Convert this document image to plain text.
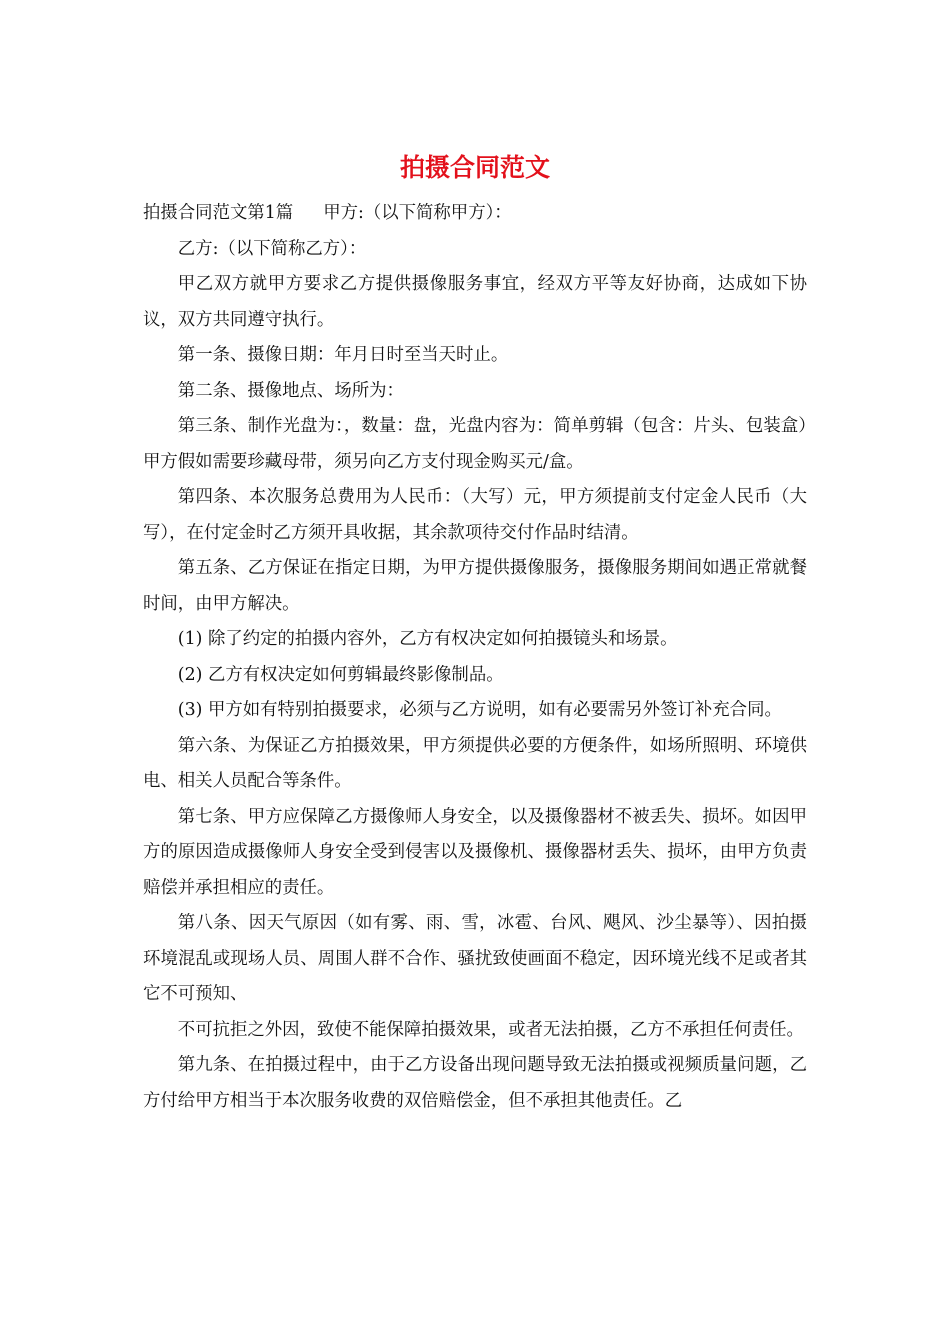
拍摄合同范文

拍摄合同范文第1篇 甲方:（以下简称甲方）：

乙方:（以下简称乙方）：

甲乙双方就甲方要求乙方提供摄像服务事宜，经双方平等友好协商，达成如下协议，双方共同遵守执行。

第一条、摄像日期：年月日时至当天时止。

第二条、摄像地点、场所为：

第三条、制作光盘为：，数量：盘，光盘内容为：简单剪辑（包含：片头、包装盒）甲方假如需要珍藏母带，须另向乙方支付现金购买元/盒。

第四条、本次服务总费用为人民币：（大写）元，甲方须提前支付定金人民币（大写），在付定金时乙方须开具收据，其余款项待交付作品时结清。

第五条、乙方保证在指定日期，为甲方提供摄像服务，摄像服务期间如遇正常就餐时间，由甲方解决。

(1) 除了约定的拍摄内容外，乙方有权决定如何拍摄镜头和场景。

(2) 乙方有权决定如何剪辑最终影像制品。

(3) 甲方如有特别拍摄要求，必须与乙方说明，如有必要需另外签订补充合同。

第六条、为保证乙方拍摄效果，甲方须提供必要的方便条件，如场所照明、环境供电、相关人员配合等条件。

第七条、甲方应保障乙方摄像师人身安全，以及摄像器材不被丢失、损坏。如因甲方的原因造成摄像师人身安全受到侵害以及摄像机、摄像器材丢失、损坏，由甲方负责赔偿并承担相应的责任。

第八条、因天气原因（如有雾、雨、雪，冰雹、台风、飓风、沙尘暴等）、因拍摄环境混乱或现场人员、周围人群不合作、骚扰致使画面不稳定，因环境光线不足或者其它不可预知、

不可抗拒之外因，致使不能保障拍摄效果，或者无法拍摄，乙方不承担任何责任。

第九条、在拍摄过程中，由于乙方设备出现问题导致无法拍摄或视频质量问题，乙方付给甲方相当于本次服务收费的双倍赔偿金，但不承担其他责任。乙
